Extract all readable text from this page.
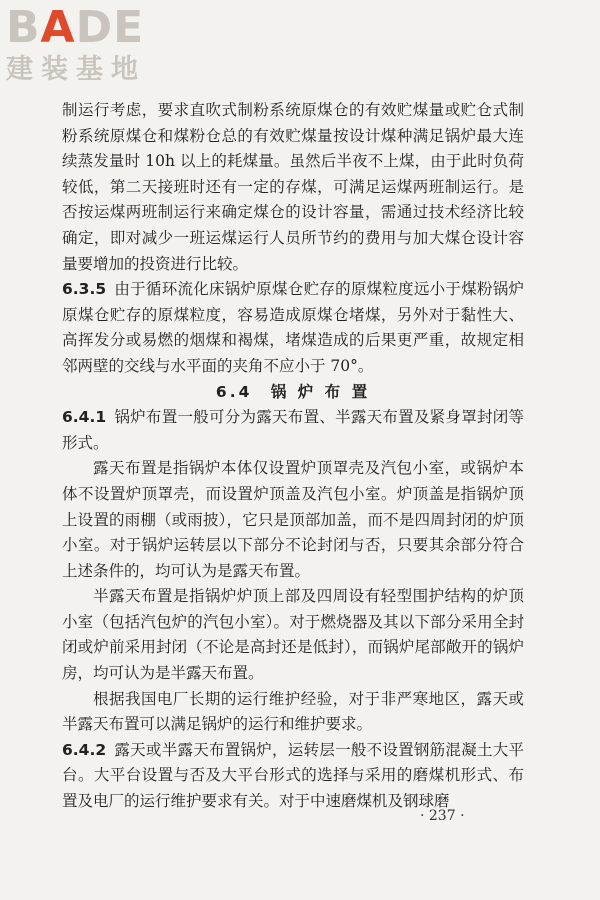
BADE
建装基地

制运行考虑，要求直吹式制粉系统原煤仓的有效贮煤量或贮仓式制粉系统原煤仓和煤粉仓总的有效贮煤量按设计煤种满足锅炉最大连续蒸发量时 10h 以上的耗煤量。虽然后半夜不上煤，由于此时负荷较低，第二天接班时还有一定的存煤，可满足运煤两班制运行。是否按运煤两班制运行来确定煤仓的设计容量，需通过技术经济比较确定，即对减少一班运煤运行人员所节约的费用与加大煤仓设计容量要增加的投资进行比较。

6.3.5 由于循环流化床锅炉原煤仓贮存的原煤粒度远小于煤粉锅炉原煤仓贮存的原煤粒度，容易造成原煤仓堵煤，另外对于黏性大、高挥发分或易燃的烟煤和褐煤，堵煤造成的后果更严重，故规定相邻两壁的交线与水平面的夹角不应小于 70°。

6.4　锅 炉 布 置

6.4.1 锅炉布置一般可分为露天布置、半露天布置及紧身罩封闭等形式。

露天布置是指锅炉本体仅设置炉顶罩壳及汽包小室，或锅炉本体不设置炉顶罩壳，而设置炉顶盖及汽包小室。炉顶盖是指锅炉顶上设置的雨棚（或雨披），它只是顶部加盖，而不是四周封闭的炉顶小室。对于锅炉运转层以下部分不论封闭与否，只要其余部分符合上述条件的，均可认为是露天布置。

半露天布置是指锅炉炉顶上部及四周设有轻型围护结构的炉顶小室（包括汽包炉的汽包小室）。对于燃烧器及其以下部分采用全封闭或炉前采用封闭（不论是高封还是低封），而锅炉尾部敞开的锅炉房，均可认为是半露天布置。

根据我国电厂长期的运行维护经验，对于非严寒地区，露天或半露天布置可以满足锅炉的运行和维护要求。

6.4.2 露天或半露天布置锅炉，运转层一般不设置钢筋混凝土大平台。大平台设置与否及大平台形式的选择与采用的磨煤机形式、布置及电厂的运行维护要求有关。对于中速磨煤机及钢球磨

· 237 ·
